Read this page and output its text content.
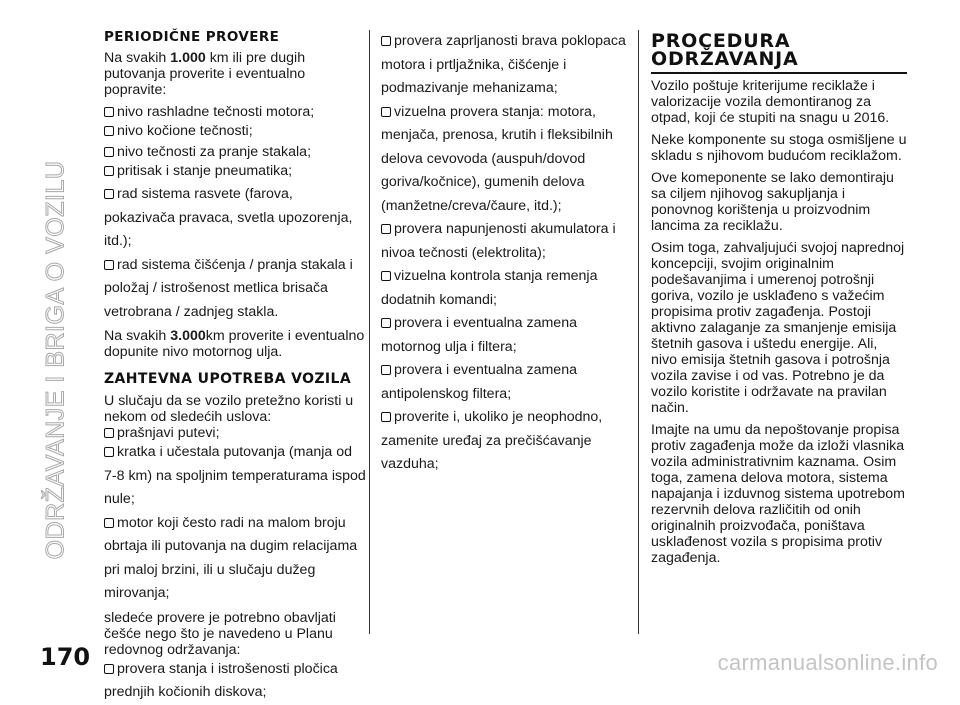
ODRŽAVANJE I BRIGA O VOZILU
PERIODIČNE PROVERE

Na svakih 1.000 km ili pre dugih putovanja proverite i eventualno popravite:

nivo rashladne tečnosti motora;
nivo kočione tečnosti;
nivo tečnosti za pranje stakala;
pritisak i stanje pneumatika;
rad sistema rasvete (farova, pokazivača pravaca, svetla upozorenja, itd.);
rad sistema čišćenja / pranja stakala i položaj / istrošenost metlica brisača vetrobrana / zadnjeg stakla.

Na svakih 3.000km proverite i eventualno dopunite nivo motornog ulja.

ZAHTEVNA UPOTREBA VOZILA

U slučaju da se vozilo pretežno koristi u nekom od sledećih uslova:

prašnjavi putevi;
kratka i učestala putovanja (manja od 7-8 km) na spoljnim temperaturama ispod nule;
motor koji često radi na malom broju obrtaja ili putovanja na dugim relacijama pri maloj brzini, ili u slučaju dužeg mirovanja;

sledeće provere je potrebno obavljati češće nego što je navedeno u Planu redovnog održavanja:

provera stanja i istrošenosti pločica prednjih kočionih diskova;
provera zaprljanosti brava poklopaca motora i prtljažnika, čišćenje i podmazivanje mehanizama;
vizuelna provera stanja: motora, menjača, prenosa, krutih i fleksibilnih delova cevovoda (auspuh/dovod goriva/kočnice), gumenih delova (manžetne/creva/čaure, itd.);
provera napunjenosti akumulatora i nivoa tečnosti (elektrolita);
vizuelna kontrola stanja remenja dodatnih komandi;
provera i eventualna zamena motornog ulja i filtera;
provera i eventualna zamena antipolenskog filtera;
proverite i, ukoliko je neophodno, zamenite uređaj za prečišćavanje vazduha;
PROCEDURA ODRŽAVANJA

Vozilo poštuje kriterijume reciklaže i valorizacije vozila demontiranog za otpad, koji će stupiti na snagu u 2016.

Neke komponente su stoga osmišljene u skladu s njihovom budućom reciklažom.

Ove komeponente se lako demontiraju sa ciljem njihovog sakupljanja i ponovnog korištenja u proizvodnim lancima za reciklažu.

Osim toga, zahvaljujući svojoj naprednoj koncepciji, svojim originalnim podešavanjima i umerenoj potrošnji goriva, vozilo je usklađeno s važećim propisima protiv zagađenja. Postoji aktivno zalaganje za smanjenje emisija štetnih gasova i uštedu energije. Ali, nivo emisija štetnih gasova i potrošnja vozila zavise i od vas. Potrebno je da vozilo koristite i održavate na pravilan način.

Imajte na umu da nepoštovanje propisa protiv zagađenja može da izloži vlasnika vozila administrativnim kaznama. Osim toga, zamena delova motora, sistema napajanja i izduvnog sistema upotrebom rezervnih delova različitih od onih originalnih proizvođača, poništava usklađenost vozila s propisima protiv zagađenja.

170	carmanualsonline.info
